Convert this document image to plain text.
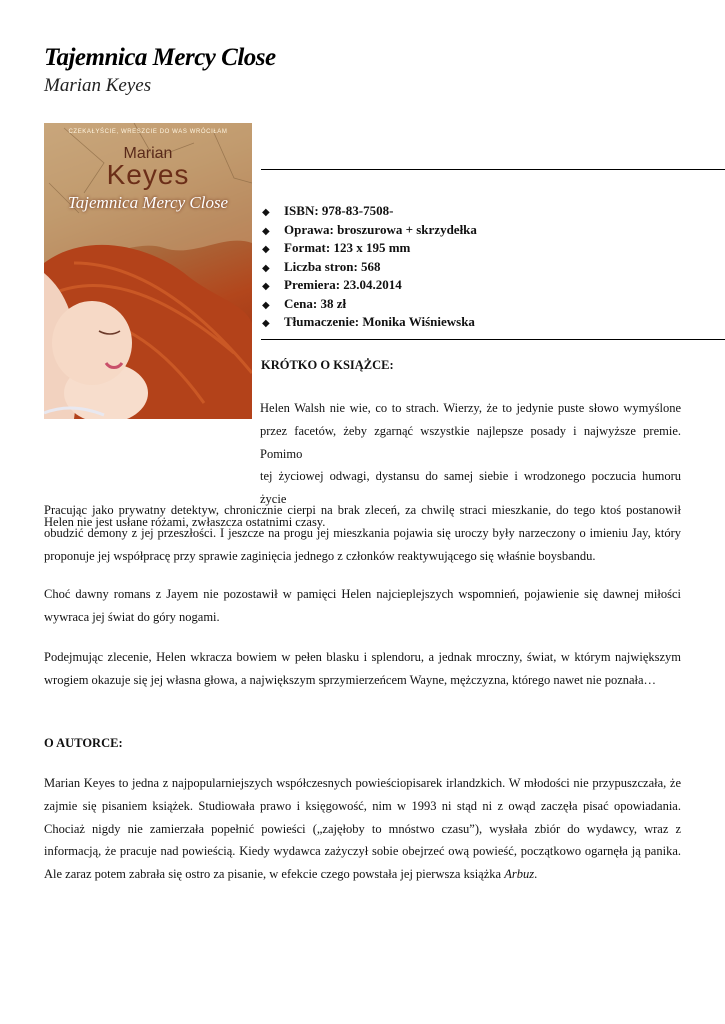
Tajemnica Mercy Close
Marian Keyes
CZEKAŁYŚCIE, WRESZCIE DO WAS WRÓCIŁAM
Marian
Keyes
Tajemnica Mercy Close
◆ ISBN: 978-83-7508-
◆ Oprawa: broszurowa + skrzydełka
◆ Format: 123 x 195 mm
◆ Liczba stron: 568
◆ Premiera: 23.04.2014
◆ Cena: 38 zł
◆ Tłumaczenie: Monika Wiśniewska
KRÓTKO O KSIĄŻCE:
Helen Walsh nie wie, co to strach. Wierzy, że to jedynie puste słowo wymyślone
przez facetów, żeby zgarnąć wszystkie najlepsze posady i najwyższe premie. Pomimo
tej życiowej odwagi, dystansu do samej siebie i wrodzonego poczucia humoru życie
Helen nie jest usłane różami, zwłaszcza ostatnimi czasy.
Pracując jako prywatny detektyw, chronicznie cierpi na brak zleceń, za chwilę straci mieszkanie, do tego ktoś postanowił obudzić demony z jej przeszłości. I jeszcze na progu jej mieszkania pojawia się uroczy były narzeczony o imieniu Jay, który proponuje jej współpracę przy sprawie zaginięcia jednego z członków reaktywującego się właśnie boysbandu.
Choć dawny romans z Jayem nie pozostawił w pamięci Helen najcieplejszych wspomnień, pojawienie się dawnej miłości wywraca jej świat do góry nogami.
Podejmując zlecenie, Helen wkracza bowiem w pełen blasku i splendoru, a jednak mroczny, świat, w którym największym wrogiem okazuje się jej własna głowa, a największym sprzymierzeńcem Wayne, mężczyzna, którego nawet nie poznała…
O AUTORCE:
Marian Keyes to jedna z najpopularniejszych współczesnych powieściopisarek irlandzkich. W młodości nie przypuszczała, że zajmie się pisaniem książek. Studiowała prawo i księgowość, nim w 1993 ni stąd ni z owąd zaczęła pisać opowiadania. Chociaż nigdy nie zamierzała popełnić powieści („zajęłoby to mnóstwo czasu”), wysłała zbiór do wydawcy, wraz z informacją, że pracuje nad powieścią. Kiedy wydawca zażyczył sobie obejrzeć ową powieść, początkowo ogarnęła ją panika. Ale zaraz potem zabrała się ostro za pisanie, w efekcie czego powstała jej pierwsza książka Arbuz.
